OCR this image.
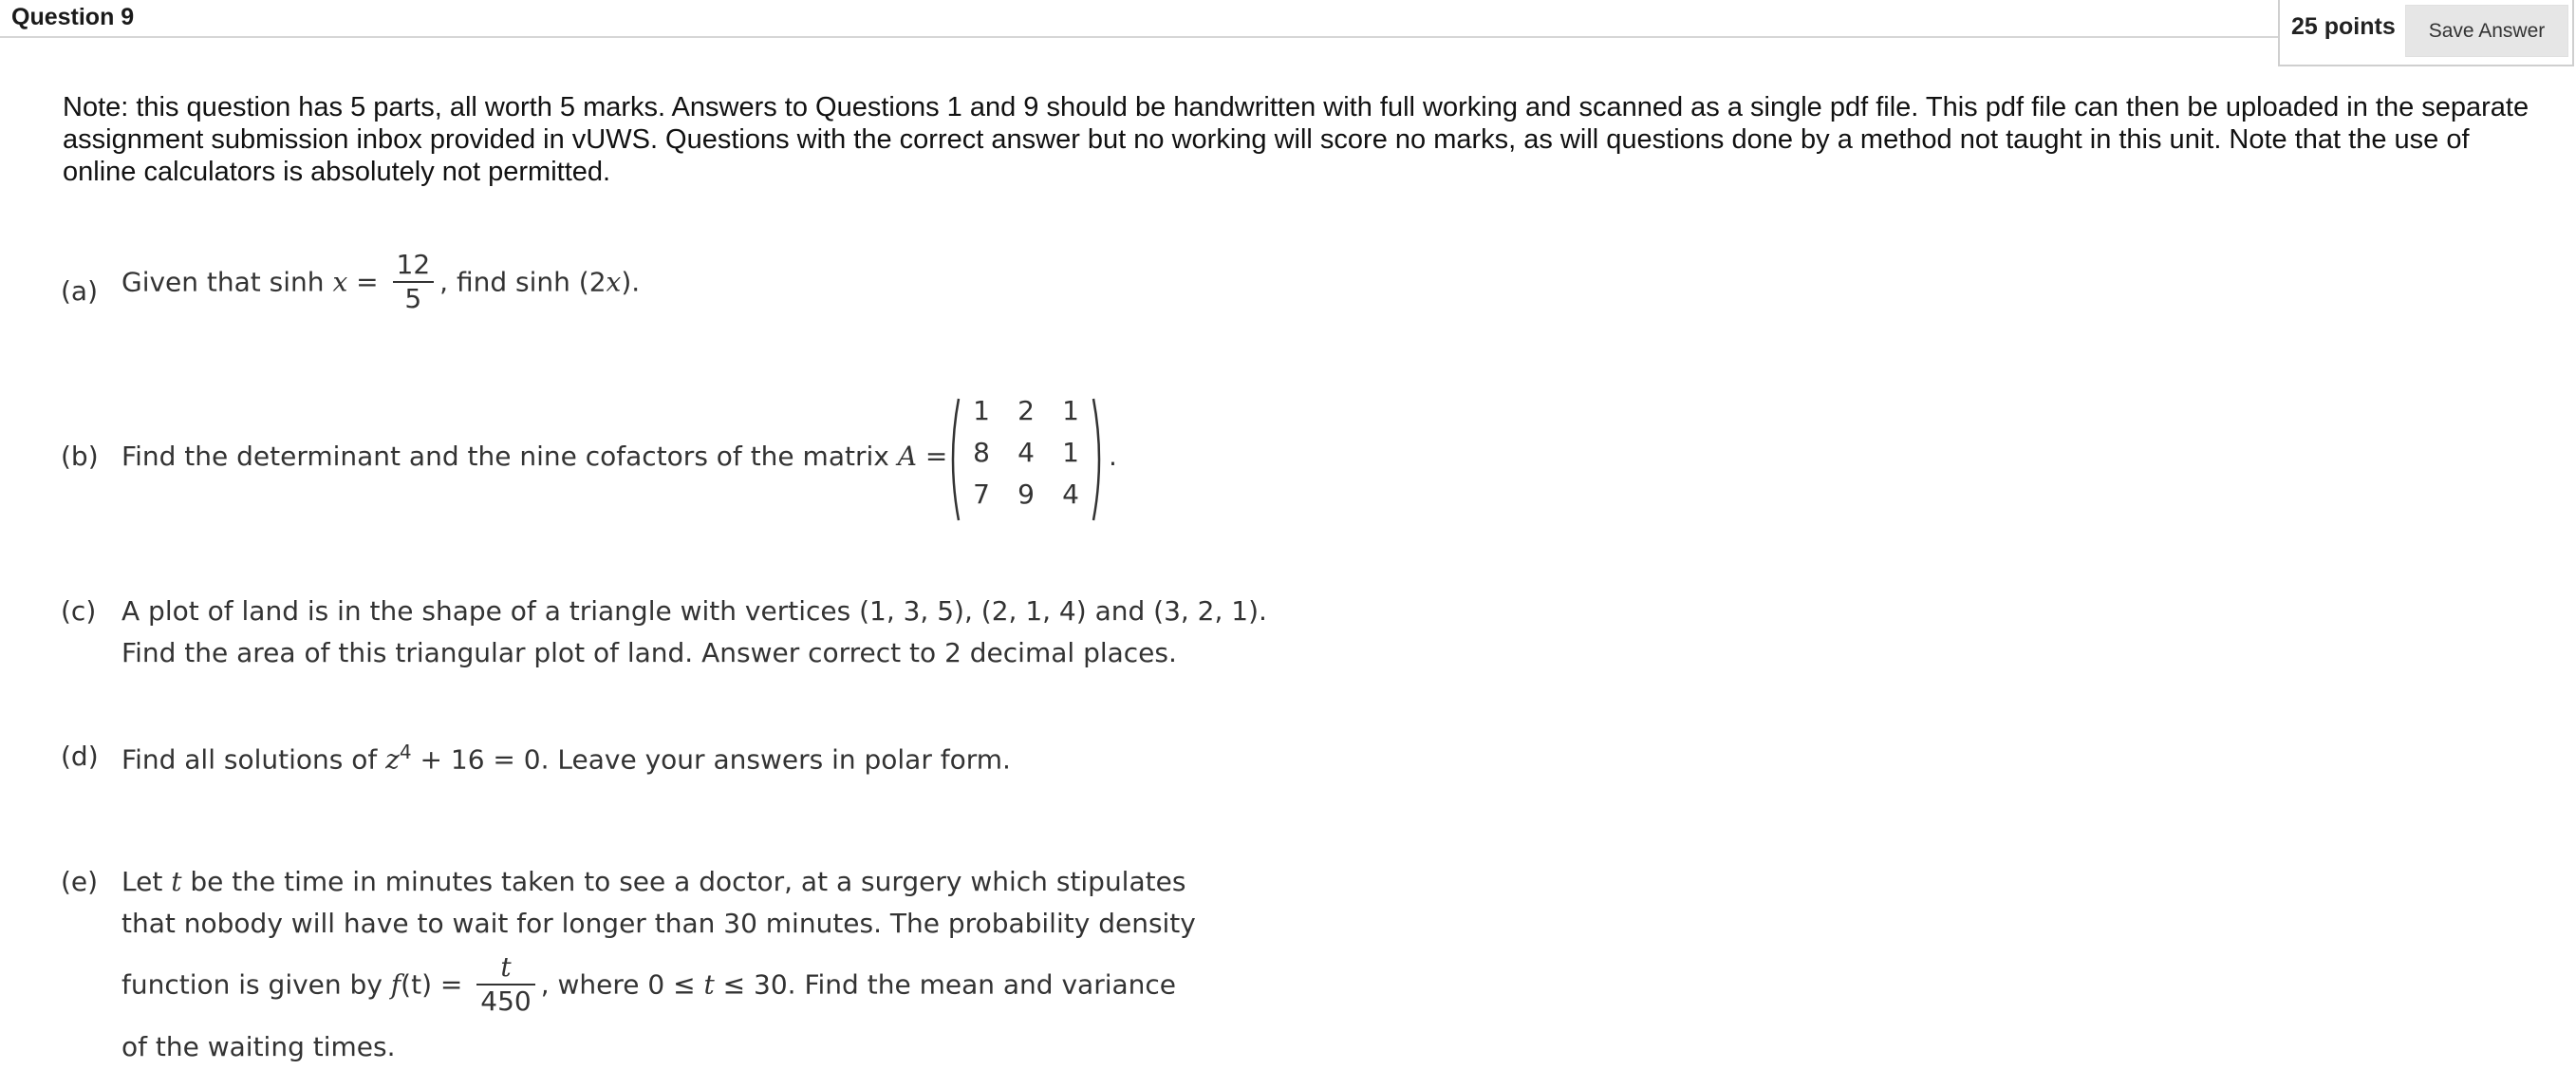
Question 9	25 points	Save Answer
Note: this question has 5 parts, all worth 5 marks. Answers to Questions 1 and 9 should be handwritten with full working and scanned as a single pdf file. This pdf file can then be uploaded in the separate assignment submission inbox provided in vUWS. Questions with the correct answer but no working will score no marks, as will questions done by a method not taught in this unit. Note that the use of online calculators is absolutely not permitted.
(a) Given that $\sinh x = \frac{12}{5}$ , find sinh (2x).
(b) Find the determinant and the nine cofactors of the matrix A =
1	2	1
8	4	1
7	9	4
.
(c) A plot of land is in the shape of a triangle with vertices (1, 3, 5), (2, 1, 4) and (3, 2, 1).
Find the area of this triangular plot of land. Answer correct to 2 decimal places.
(d) Find all solutions of $z^4 + 16 = 0$. Leave your answers in polar form.
(e) Let t be the time in minutes taken to see a doctor, at a surgery which stipulates
that nobody will have to wait for longer than 30 minutes. The probability density
function is given by $f(t) = \frac{t}{450}$ , where 0 ≤ t ≤ 30. Find the mean and variance
of the waiting times.
